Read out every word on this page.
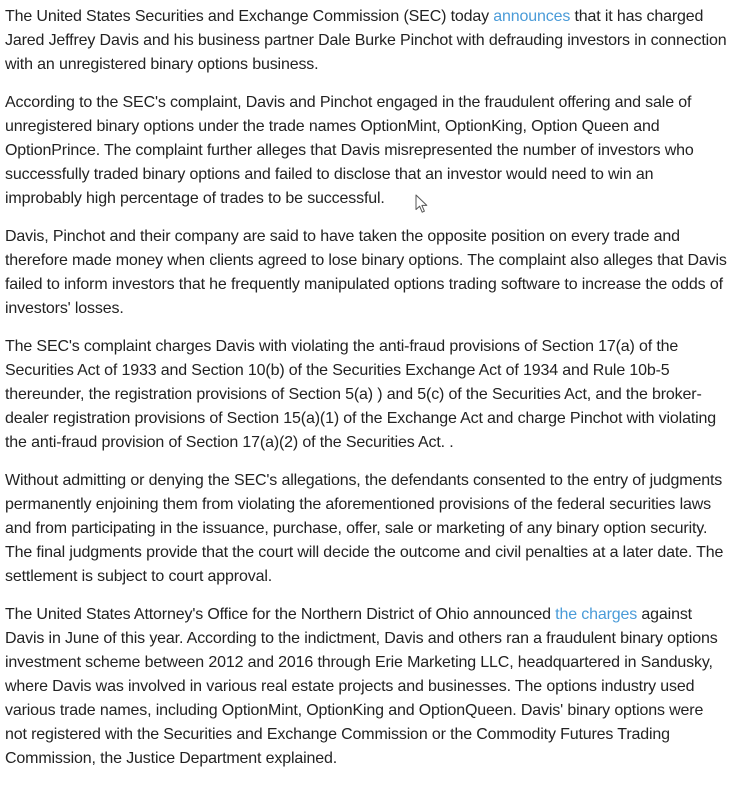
The United States Securities and Exchange Commission (SEC) today announces that it has charged Jared Jeffrey Davis and his business partner Dale Burke Pinchot with defrauding investors in connection with an unregistered binary options business.

According to the SEC's complaint, Davis and Pinchot engaged in the fraudulent offering and sale of unregistered binary options under the trade names OptionMint, OptionKing, Option Queen and OptionPrince. The complaint further alleges that Davis misrepresented the number of investors who successfully traded binary options and failed to disclose that an investor would need to win an improbably high percentage of trades to be successful.

Davis, Pinchot and their company are said to have taken the opposite position on every trade and therefore made money when clients agreed to lose binary options. The complaint also alleges that Davis failed to inform investors that he frequently manipulated options trading software to increase the odds of investors' losses.

The SEC's complaint charges Davis with violating the anti-fraud provisions of Section 17(a) of the Securities Act of 1933 and Section 10(b) of the Securities Exchange Act of 1934 and Rule 10b-5 thereunder, the registration provisions of Section 5(a) ) and 5(c) of the Securities Act, and the broker-dealer registration provisions of Section 15(a)(1) of the Exchange Act and charge Pinchot with violating the anti-fraud provision of Section 17(a)(2) of the Securities Act. .

Without admitting or denying the SEC's allegations, the defendants consented to the entry of judgments permanently enjoining them from violating the aforementioned provisions of the federal securities laws and from participating in the issuance, purchase, offer, sale or marketing of any binary option security. The final judgments provide that the court will decide the outcome and civil penalties at a later date. The settlement is subject to court approval.

The United States Attorney's Office for the Northern District of Ohio announced the charges against Davis in June of this year. According to the indictment, Davis and others ran a fraudulent binary options investment scheme between 2012 and 2016 through Erie Marketing LLC, headquartered in Sandusky, where Davis was involved in various real estate projects and businesses. The options industry used various trade names, including OptionMint, OptionKing and OptionQueen. Davis' binary options were not registered with the Securities and Exchange Commission or the Commodity Futures Trading Commission, the Justice Department explained.
